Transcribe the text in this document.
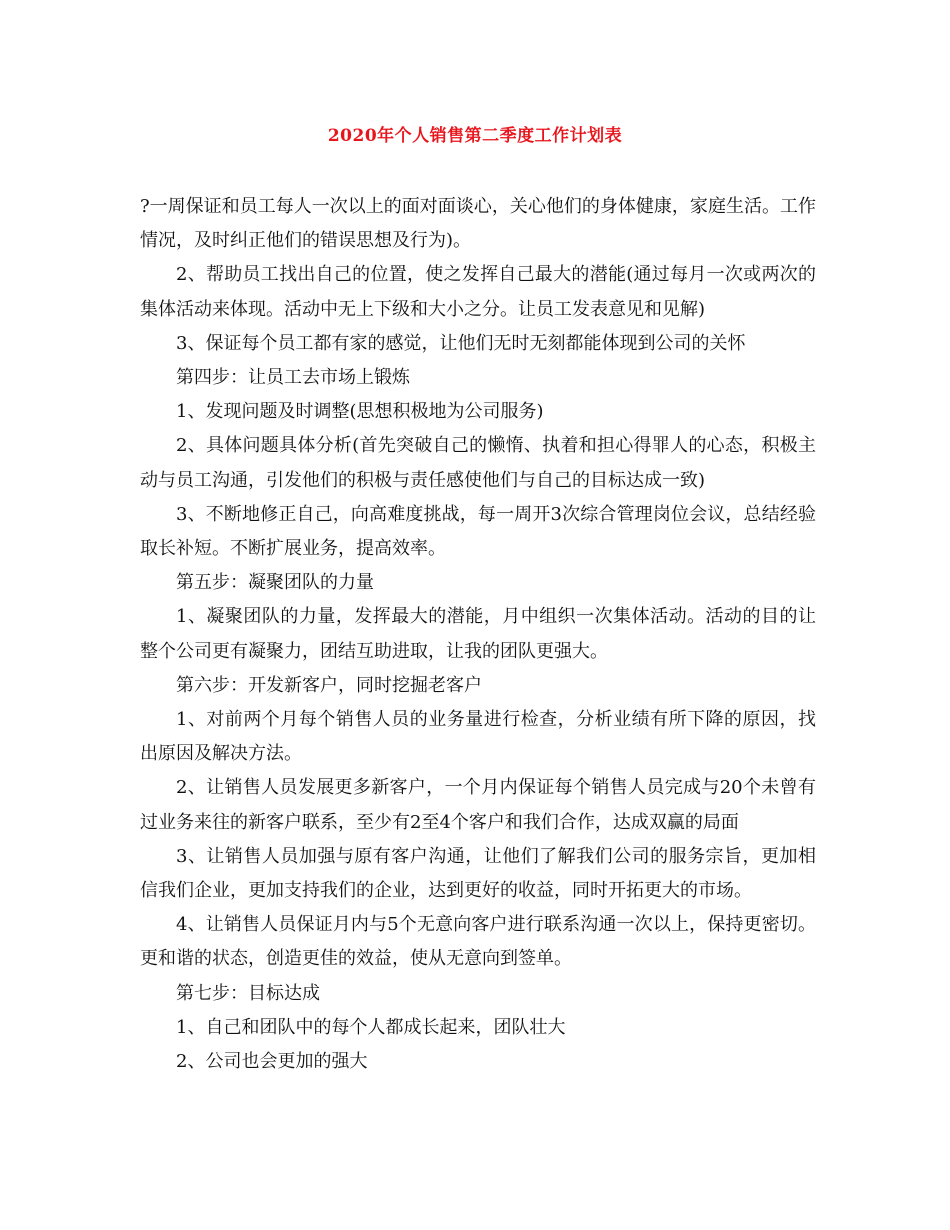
2020年个人销售第二季度工作计划表

?一周保证和员工每人一次以上的面对面谈心，关心他们的身体健康，家庭生活。工作情况，及时纠正他们的错误思想及行为)。

2、帮助员工找出自己的位置，使之发挥自己最大的潜能(通过每月一次或两次的集体活动来体现。活动中无上下级和大小之分。让员工发表意见和见解)

3、保证每个员工都有家的感觉，让他们无时无刻都能体现到公司的关怀

第四步：让员工去市场上锻炼

1、发现问题及时调整(思想积极地为公司服务)

2、具体问题具体分析(首先突破自己的懒惰、执着和担心得罪人的心态，积极主动与员工沟通，引发他们的积极与责任感使他们与自己的目标达成一致)

3、不断地修正自己，向高难度挑战，每一周开3次综合管理岗位会议，总结经验取长补短。不断扩展业务，提高效率。

第五步：凝聚团队的力量

1、凝聚团队的力量，发挥最大的潜能，月中组织一次集体活动。活动的目的让整个公司更有凝聚力，团结互助进取，让我的团队更强大。

第六步：开发新客户，同时挖掘老客户

1、对前两个月每个销售人员的业务量进行检查，分析业绩有所下降的原因，找出原因及解决方法。

2、让销售人员发展更多新客户，一个月内保证每个销售人员完成与20个未曾有过业务来往的新客户联系，至少有2至4个客户和我们合作，达成双赢的局面

3、让销售人员加强与原有客户沟通，让他们了解我们公司的服务宗旨，更加相信我们企业，更加支持我们的企业，达到更好的收益，同时开拓更大的市场。

4、让销售人员保证月内与5个无意向客户进行联系沟通一次以上，保持更密切。更和谐的状态，创造更佳的效益，使从无意向到签单。

第七步：目标达成

1、自己和团队中的每个人都成长起来，团队壮大

2、公司也会更加的强大
